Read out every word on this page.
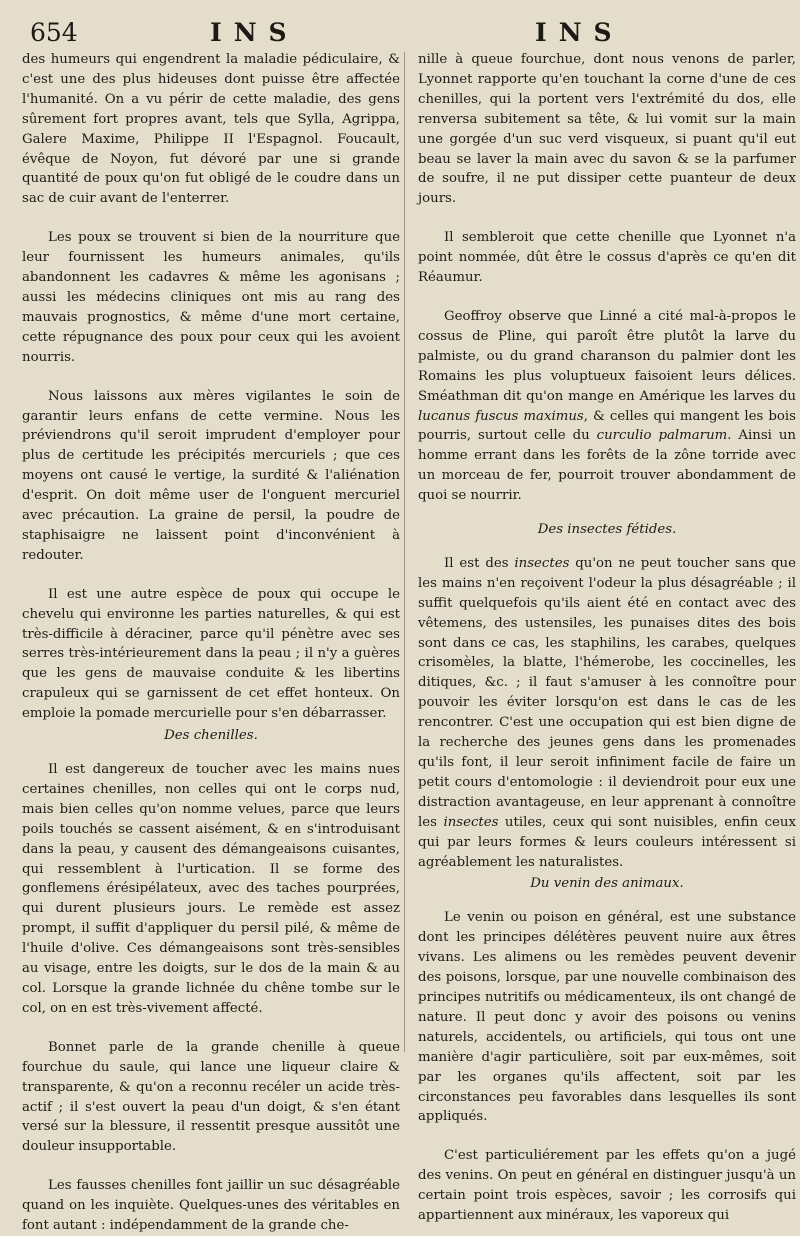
654	INS	INS

des humeurs qui engendrent la maladie pédiculaire, & c'est une des plus hideuses dont puisse être affectée l'humanité. On a vu périr de cette maladie, des gens sûrement fort propres avant, tels que Sylla, Agrippa, Galere Maxime, Philippe II l'Espagnol. Foucault, évêque de Noyon, fut dévoré par une si grande quantité de poux qu'on fut obligé de le coudre dans un sac de cuir avant de l'enterrer.

Les poux se trouvent si bien de la nourriture que leur fournissent les humeurs animales, qu'ils abandonnent les cadavres & même les agonisans ; aussi les médecins cliniques ont mis au rang des mauvais prognostics, & même d'une mort certaine, cette répugnance des poux pour ceux qui les avoient nourris.

Nous laissons aux mères vigilantes le soin de garantir leurs enfans de cette vermine. Nous les préviendrons qu'il seroit imprudent d'employer pour plus de certitude les précipités mercuriels ; que ces moyens ont causé le vertige, la surdité & l'aliénation d'esprit. On doit même user de l'onguent mercuriel avec précaution. La graine de persil, la poudre de staphisaigre ne laissent point d'inconvénient à redouter.

Il est une autre espèce de poux qui occupe le chevelu qui environne les parties naturelles, & qui est très-difficile à déraciner, parce qu'il pénètre avec ses serres très-intérieurement dans la peau ; il n'y a guères que les gens de mauvaise conduite & les libertins crapuleux qui se garnissent de cet effet honteux. On emploie la pomade mercurielle pour s'en débarrasser.

Des chenilles.

Il est dangereux de toucher avec les mains nues certaines chenilles, non celles qui ont le corps nud, mais bien celles qu'on nomme velues, parce que leurs poils touchés se cassent aisément, & en s'introduisant dans la peau, y causent des démangeaisons cuisantes, qui ressemblent à l'urtication. Il se forme des gonflemens érésipélateux, avec des taches pourprées, qui durent plusieurs jours. Le remède est assez prompt, il suffit d'appliquer du persil pilé, & même de l'huile d'olive. Ces démangeaisons sont très-sensibles au visage, entre les doigts, sur le dos de la main & au col. Lorsque la grande lichnée du chêne tombe sur le col, on en est très-vivement affecté.

Bonnet parle de la grande chenille à queue fourchue du saule, qui lance une liqueur claire & transparente, & qu'on a reconnu recéler un acide très-actif ; il s'est ouvert la peau d'un doigt, & s'en étant versé sur la blessure, il ressentit presque aussitôt une douleur insupportable.

Les fausses chenilles font jaillir un suc désagréable quand on les inquiète. Quelques-unes des véritables en font autant : indépendamment de la grande che-

nille à queue fourchue, dont nous venons de parler, Lyonnet rapporte qu'en touchant la corne d'une de ces chenilles, qui la portent vers l'extrémité du dos, elle renversa subitement sa tête, & lui vomit sur la main une gorgée d'un suc verd visqueux, si puant qu'il eut beau se laver la main avec du savon & se la parfumer de soufre, il ne put dissiper cette puanteur de deux jours.

Il sembleroit que cette chenille que Lyonnet n'a point nommée, dût être le cossus d'après ce qu'en dit Réaumur.

Geoffroy observe que Linné a cité mal-à-propos le cossus de Pline, qui paroît être plutôt la larve du palmiste, ou du grand charanson du palmier dont les Romains les plus voluptueux faisoient leurs délices. Sméathman dit qu'on mange en Amérique les larves du lucanus fuscus maximus, & celles qui mangent les bois pourris, surtout celle du curculio palmarum. Ainsi un homme errant dans les forêts de la zône torride avec un morceau de fer, pourroit trouver abondamment de quoi se nourrir.

Des insectes fétides.

Il est des insectes qu'on ne peut toucher sans que les mains n'en reçoivent l'odeur la plus désagréable ; il suffit quelquefois qu'ils aient été en contact avec des vêtemens, des ustensiles, les punaises dites des bois sont dans ce cas, les staphilins, les carabes, quelques crisomèles, la blatte, l'hémerobe, les coccinelles, les ditiques, &c. ; il faut s'amuser à les connoître pour pouvoir les éviter lorsqu'on est dans le cas de les rencontrer. C'est une occupation qui est bien digne de la recherche des jeunes gens dans les promenades qu'ils font, il leur seroit infiniment facile de faire un petit cours d'entomologie : il deviendroit pour eux une distraction avantageuse, en leur apprenant à connoître les insectes utiles, ceux qui sont nuisibles, enfin ceux qui par leurs formes & leurs couleurs intéressent si agréablement les naturalistes.

Du venin des animaux.

Le venin ou poison en général, est une substance dont les principes délétères peuvent nuire aux êtres vivans. Les alimens ou les remèdes peuvent devenir des poisons, lorsque, par une nouvelle combinaison des principes nutritifs ou médicamenteux, ils ont changé de nature. Il peut donc y avoir des poisons ou venins naturels, accidentels, ou artificiels, qui tous ont une manière d'agir particulière, soit par eux-mêmes, soit par les organes qu'ils affectent, soit par les circonstances peu favorables dans lesquelles ils sont appliqués.

C'est particuliérement par les effets qu'on a jugé des venins. On peut en général en distinguer jusqu'à un certain point trois espèces, savoir ; les corrosifs qui appartiennent aux minéraux, les vaporeux qui
